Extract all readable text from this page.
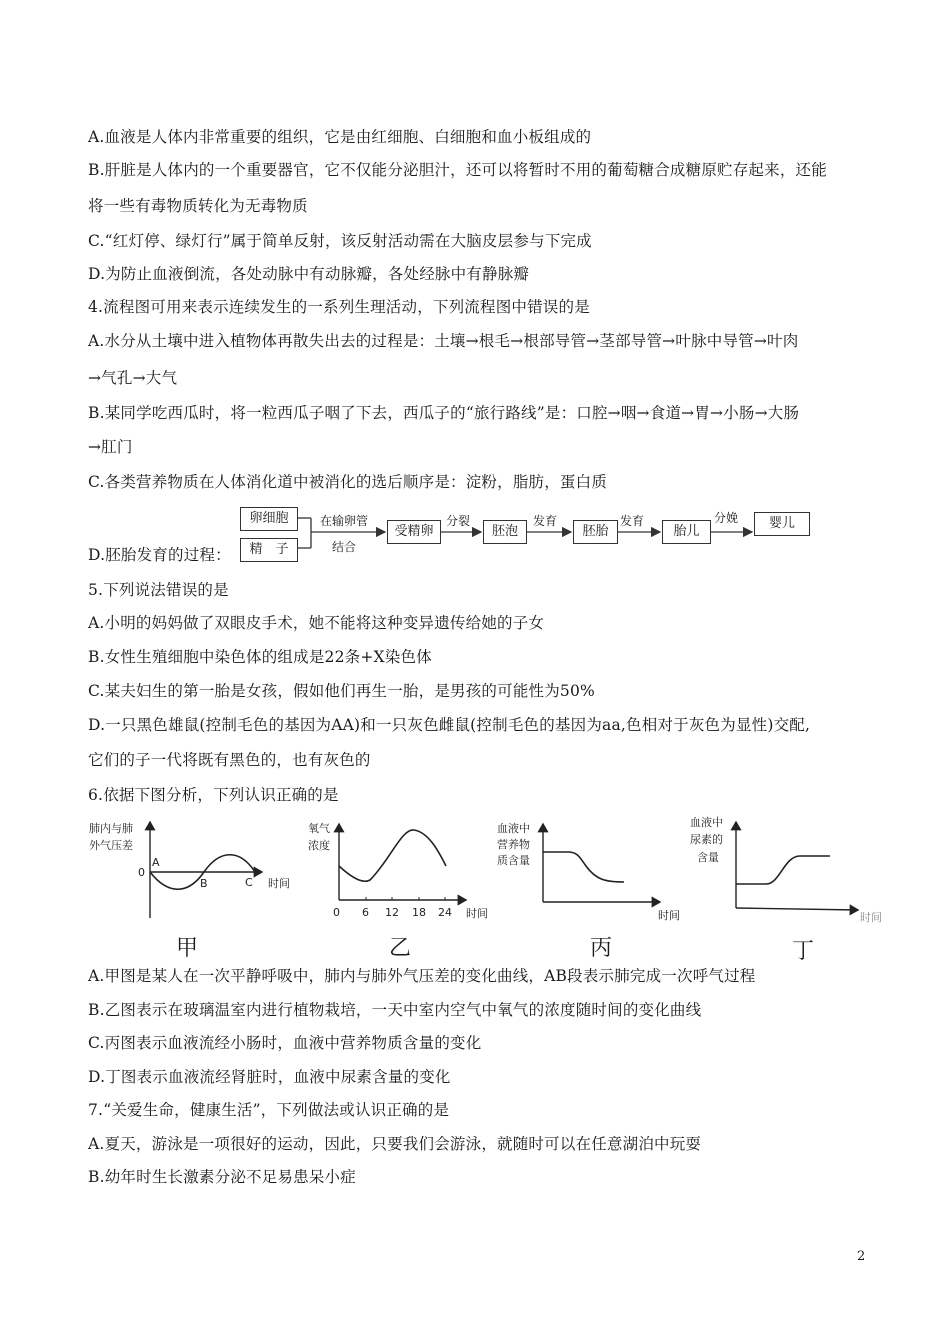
A.血液是人体内非常重要的组织，它是由红细胞、白细胞和血小板组成的
B.肝脏是人体内的一个重要器官，它不仅能分泌胆汁，还可以将暂时不用的葡萄糖合成糖原贮存起来，还能
将一些有毒物质转化为无毒物质
C.“红灯停、绿灯行”属于简单反射，该反射活动需在大脑皮层参与下完成
D.为防止血液倒流，各处动脉中有动脉瓣，各处经脉中有静脉瓣
4.流程图可用来表示连续发生的一系列生理活动，下列流程图中错误的是
A.水分从土壤中进入植物体再散失出去的过程是：土壤→根毛→根部导管→茎部导管→叶脉中导管→叶肉
→气孔→大气
B.某同学吃西瓜时，将一粒西瓜子咽了下去，西瓜子的“旅行路线”是：口腔→咽→食道→胃→小肠→大肠
→肛门
C.各类营养物质在人体消化道中被消化的选后顺序是：淀粉，脂肪，蛋白质
D.胚胎发育的过程：
卵细胞
精　子
在输卵管
结合
受精卵
分裂
胚泡
发育
胚胎
发育
胎儿
分娩	婴儿
5.下列说法错误的是
A.小明的妈妈做了双眼皮手术，她不能将这种变异遗传给她的子女
B.女性生殖细胞中染色体的组成是22条+X染色体
C.某夫妇生的第一胎是女孩，假如他们再生一胎，是男孩的可能性为50%
D.一只黑色雄鼠(控制毛色的基因为AA)和一只灰色雌鼠(控制毛色的基因为aa,色相对于灰色为显性)交配,
它们的子一代将既有黑色的，也有灰色的
6.依据下图分析，下列认识正确的是
肺内与肺
外气压差
0
A
B	C 时间
氧气
浓度
0 6 12 18 24 时间
血液中
营养物
质含量
时间
血液中
尿素的
含量
时间
甲	乙	丙	丁
A.甲图是某人在一次平静呼吸中，肺内与肺外气压差的变化曲线，AB段表示肺完成一次呼气过程
B.乙图表示在玻璃温室内进行植物栽培，一天中室内空气中氧气的浓度随时间的变化曲线
C.丙图表示血液流经小肠时，血液中营养物质含量的变化
D.丁图表示血液流经肾脏时，血液中尿素含量的变化
7.“关爱生命，健康生活”，下列做法或认识正确的是
A.夏天，游泳是一项很好的运动，因此，只要我们会游泳，就随时可以在任意湖泊中玩耍
B.幼年时生长激素分泌不足易患呆小症
2
